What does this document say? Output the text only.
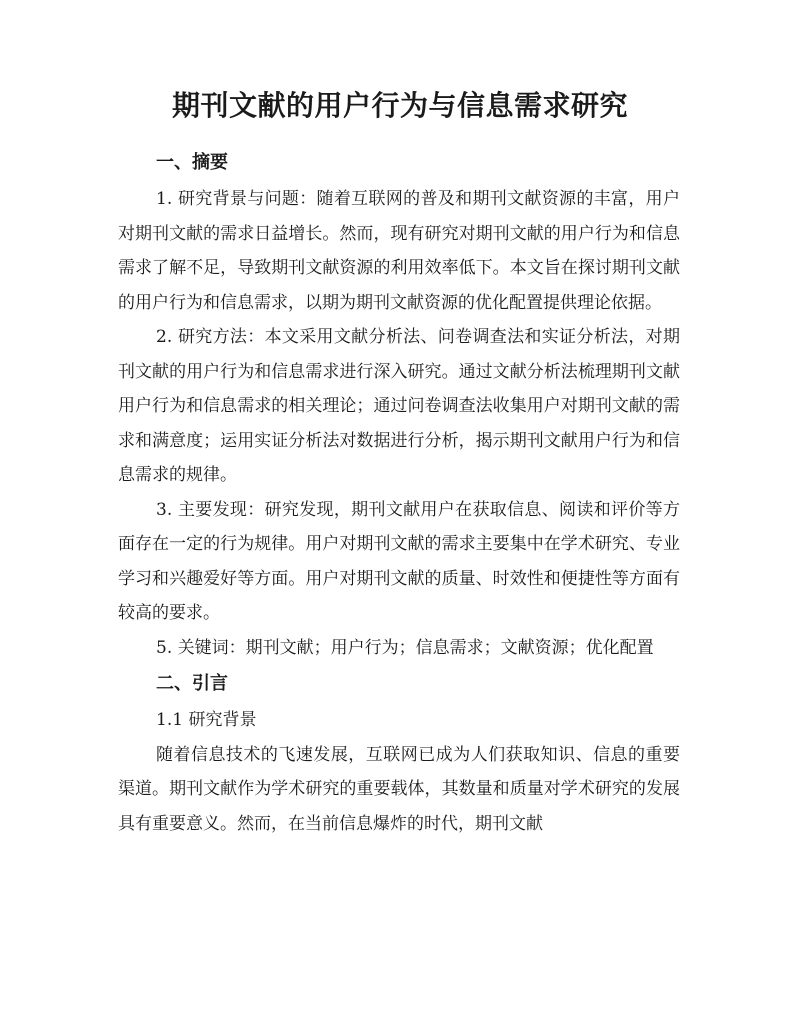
期刊文献的用户行为与信息需求研究
一、摘要

1. 研究背景与问题：随着互联网的普及和期刊文献资源的丰富，用户对期刊文献的需求日益增长。然而，现有研究对期刊文献的用户行为和信息需求了解不足，导致期刊文献资源的利用效率低下。本文旨在探讨期刊文献的用户行为和信息需求，以期为期刊文献资源的优化配置提供理论依据。

2. 研究方法：本文采用文献分析法、问卷调查法和实证分析法，对期刊文献的用户行为和信息需求进行深入研究。通过文献分析法梳理期刊文献用户行为和信息需求的相关理论；通过问卷调查法收集用户对期刊文献的需求和满意度；运用实证分析法对数据进行分析，揭示期刊文献用户行为和信息需求的规律。

3. 主要发现：研究发现，期刊文献用户在获取信息、阅读和评价等方面存在一定的行为规律。用户对期刊文献的需求主要集中在学术研究、专业学习和兴趣爱好等方面。用户对期刊文献的质量、时效性和便捷性等方面有较高的要求。

5. 关键词：期刊文献；用户行为；信息需求；文献资源；优化配置

二、引言

1.1 研究背景

随着信息技术的飞速发展，互联网已成为人们获取知识、信息的重要渠道。期刊文献作为学术研究的重要载体，其数量和质量对学术研究的发展具有重要意义。然而，在当前信息爆炸的时代，期刊文献
